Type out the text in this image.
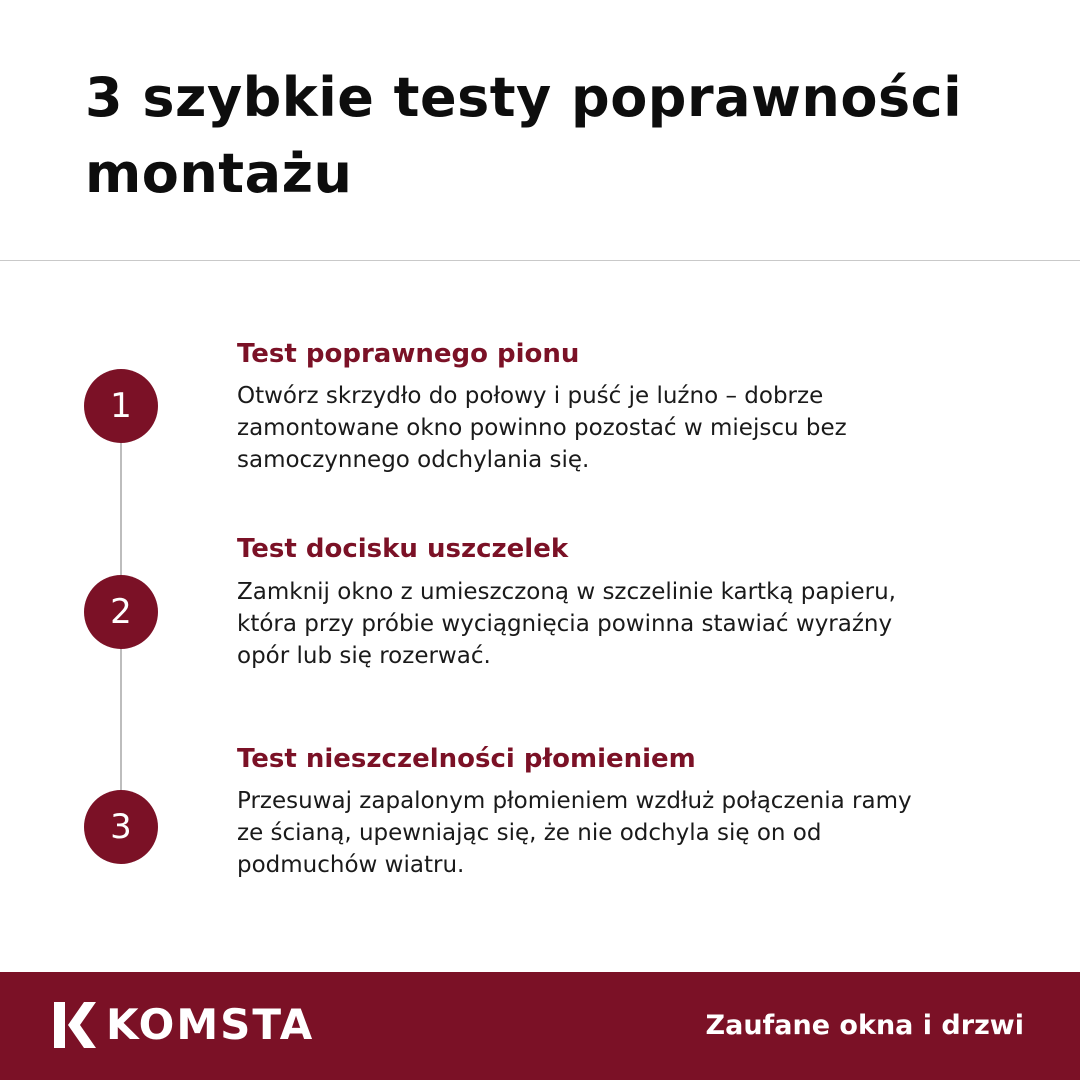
3 szybkie testy poprawności
montażu
1
Test poprawnego pionu
Otwórz skrzydło do połowy i puść je luźno – dobrze
zamontowane okno powinno pozostać w miejscu bez
samoczynnego odchylania się.
2
Test docisku uszczelek
Zamknij okno z umieszczoną w szczelinie kartką papieru,
która przy próbie wyciągnięcia powinna stawiać wyraźny
opór lub się rozerwać.
3
Test nieszczelności płomieniem
Przesuwaj zapalonym płomieniem wzdłuż połączenia ramy
ze ścianą, upewniając się, że nie odchyla się on od
podmuchów wiatru.
KOMSTA	Zaufane okna i drzwi
